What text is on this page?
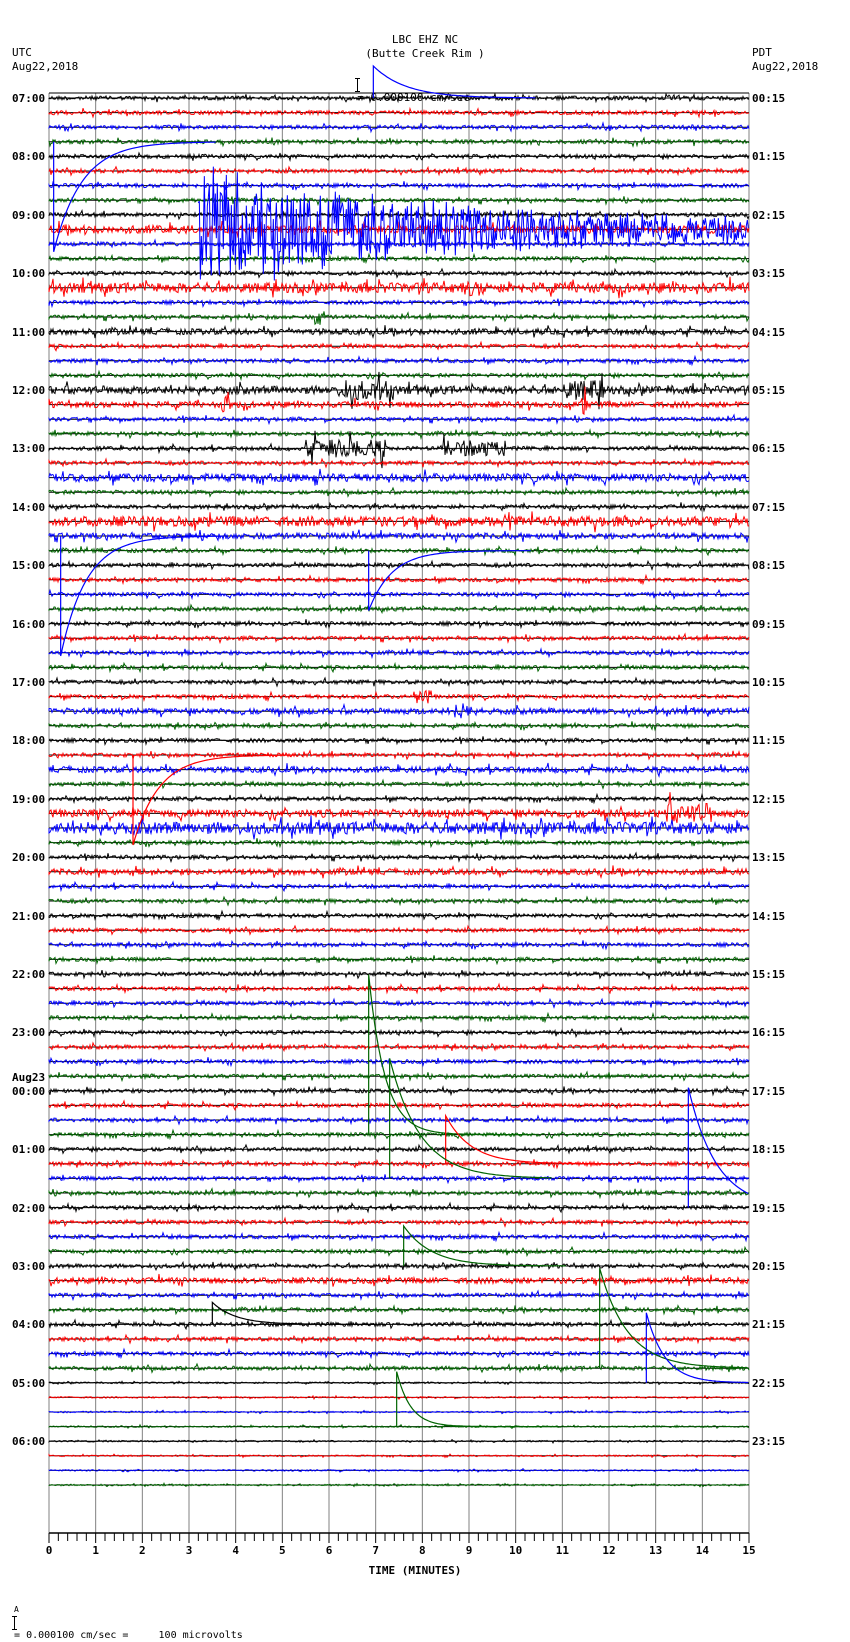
LBC EHZ NC
(Butte Creek Rim )

= 0.000100 cm/sec

UTC
Aug22,2018
PDT
Aug22,2018
07:00
08:00
09:00
10:00
11:00
12:00
13:00
14:00
15:00
16:00
17:00
18:00
19:00
20:00
21:00
22:00
23:00
00:00
Aug23
01:00
02:00
03:00
04:00
05:00
06:00
00:15
01:15
02:15
03:15
04:15
05:15
06:15
07:15
08:15
09:15
10:15
11:15
12:15
13:15
14:15
15:15
16:15
17:15
18:15
19:15
20:15
21:15
22:15
23:15
0	1	2	3	4	5	6	7	8	9	10	11	12	13	14	15
TIME (MINUTES)

A

= 0.000100 cm/sec =     100 microvolts
